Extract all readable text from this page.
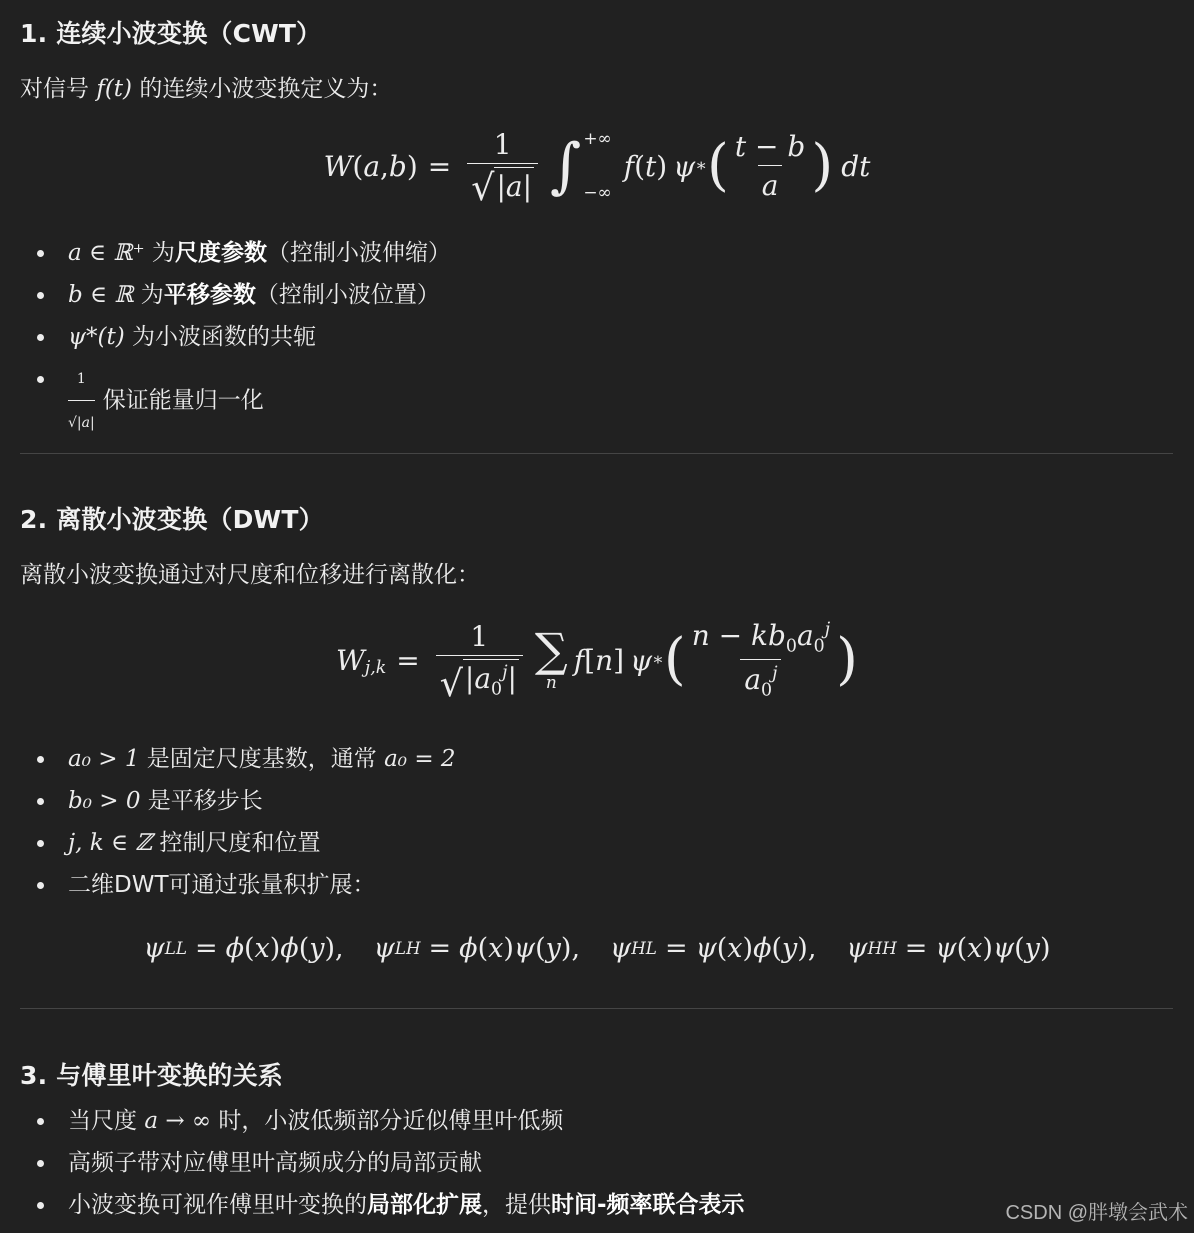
1. 连续小波变换（CWT）
对信号 f(t) 的连续小波变换定义为：
W ( a , b ) = $\frac{1}{√ |a|}$ ∫ +∞
−∞
f ( t ) ψ ∗ ( $\frac{t - b}{a}$ ) dt
a ∈ ℝ⁺ 为尺度参数（控制小波伸缩）
b ∈ ℝ 为平移参数（控制小波位置）
ψ*(t) 为小波函数的共轭
$\frac{1}{√|a|}$ 保证能量归一化
2. 离散小波变换（DWT）
离散小波变换通过对尺度和位移进行离散化：
$W_{j,k} = \frac{1}{√ |a_0^j|}$ ∑
n
f [ n ] ψ ∗ ( $\frac{n - kb_0a_0^j}{a_0^j}$ )
a₀ > 1 是固定尺度基数，通常 a₀ = 2
b₀ > 0 是平移步长
j, k ∈ ℤ 控制尺度和位置
二维DWT可通过张量积扩展：
ψ LL = ϕ ( x ) ϕ ( y ), ψ LH = ϕ ( x ) ψ ( y ), ψ HL = ψ ( x ) ϕ ( y ), ψ HH = ψ ( x ) ψ ( y )
3. 与傅里叶变换的关系
当尺度 a → ∞ 时，小波低频部分近似傅里叶低频
高频子带对应傅里叶高频成分的局部贡献
小波变换可视作傅里叶变换的局部化扩展，提供时间-频率联合表示	CSDN @胖墩会武术
